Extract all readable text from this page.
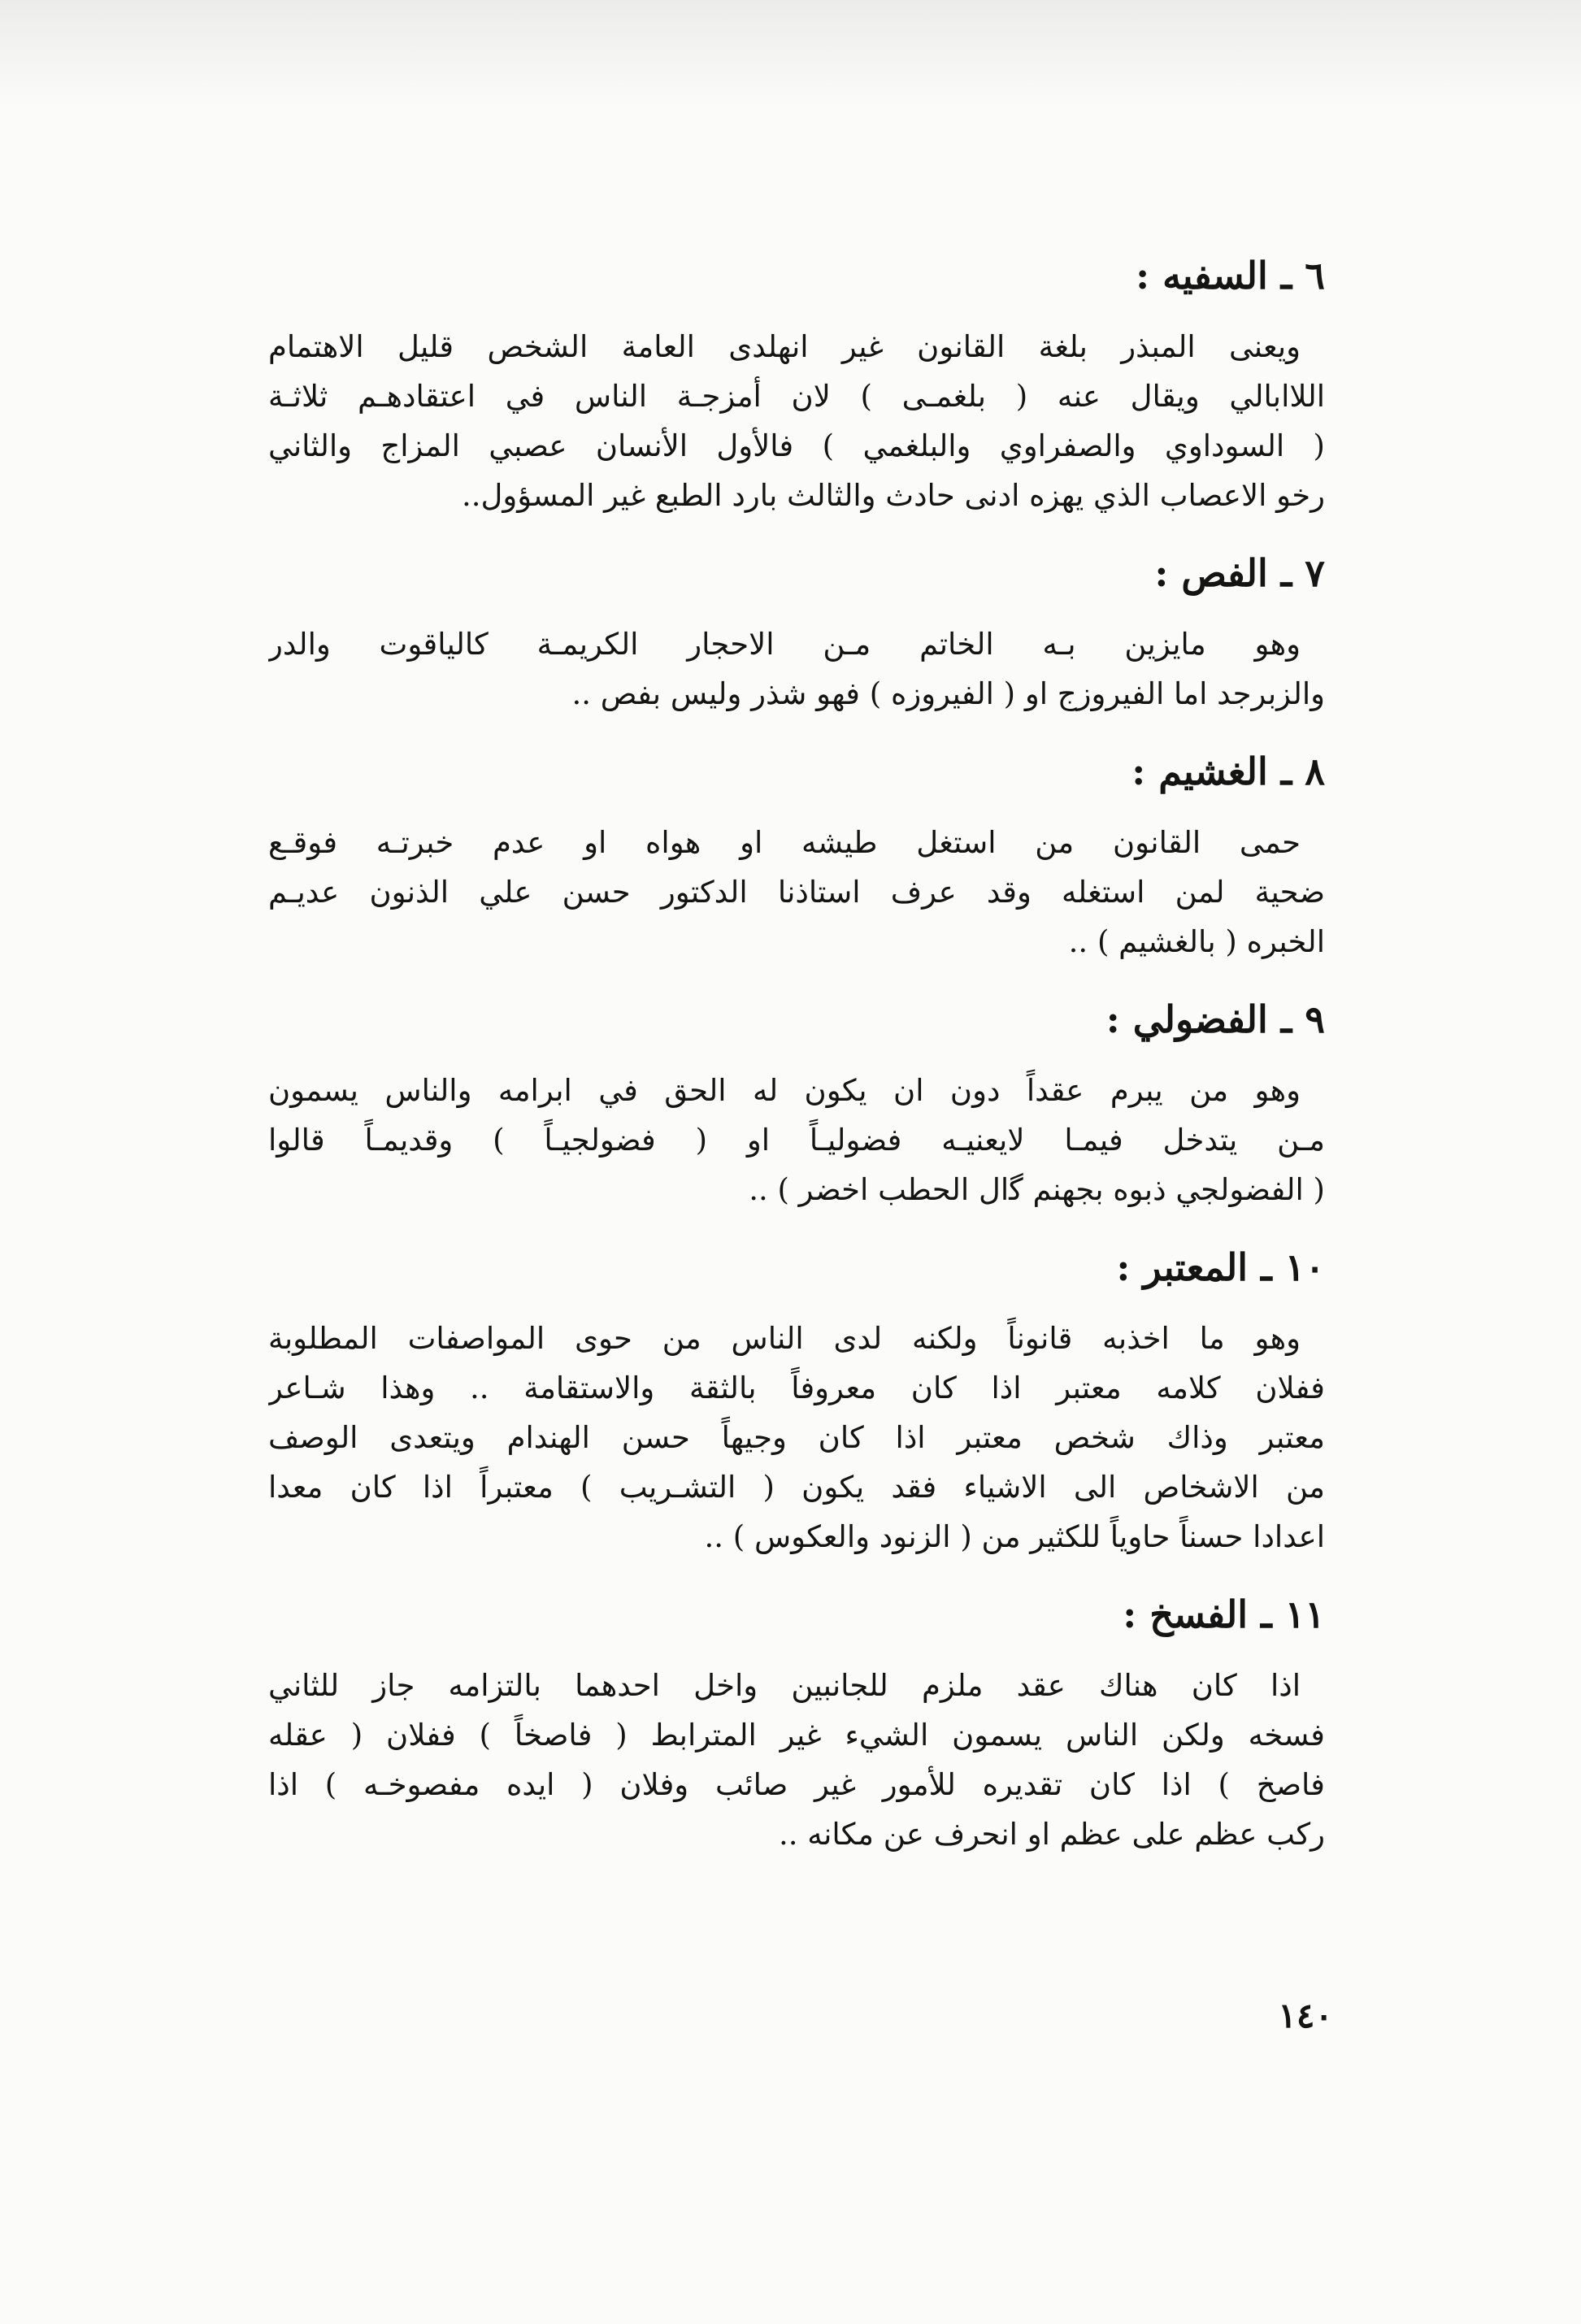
٦ ـ السفيه :
ويعنى المبذر بلغة القانون غير انهلدى العامة الشخص قليل الاهتمام
اللاابالي ويقال عنه ( بلغمـى ) لان أمزجـة الناس في اعتقادهـم ثلاثـة
( السوداوي والصفراوي والبلغمي ) فالأول الأنسان عصبي المزاج والثاني
رخو الاعصاب الذي يهزه ادنى حادث والثالث بارد الطبع غير المسؤول..
٧ ـ الفص :
وهو مايزين بـه الخاتم مـن الاحجار الكريمـة كالياقوت والدر
والزبرجد اما الفيروزج او ( الفيروزه ) فهو شذر وليس بفص ..
٨ ـ الغشيم :
حمى القانون من استغل طيشه او هواه او عدم خبرتـه فوقـع
ضحية لمن استغله وقد عرف استاذنا الدكتور حسن علي الذنون عديـم
الخبره ( بالغشيم ) ..
٩ ـ الفضولي :
وهو من يبرم عقداً دون ان يكون له الحق في ابرامه والناس يسمون
مـن يتدخل فيمـا لايعنيـه فضوليـاً او ( فضولجيـاً ) وقديمـاً قالوا
( الفضولجي ذبوه بجهنم ﮔال الحطب اخضر ) ..
١٠ ـ المعتبر :
وهو ما اخذبه قانوناً ولكنه لدى الناس من حوى المواصفات المطلوبة
ففلان كلامه معتبر اذا كان معروفاً بالثقة والاستقامة .. وهذا شـاعر
معتبر وذاك شخص معتبر اذا كان وجيهاً حسن الهندام ويتعدى الوصف
من الاشخاص الى الاشياء فقد يكون ( التشـريب ) معتبراً اذا كان معدا
اعدادا حسناً حاوياً للكثير من ( الزنود والعكوس ) ..
١١ ـ الفسخ :
اذا كان هناك عقد ملزم للجانبين واخل احدهما بالتزامه جاز للثاني
فسخه ولكن الناس يسمون الشيء غير المترابط ( فاصخاً ) ففلان ( عقله
فاصخ ) اذا كان تقديره للأمور غير صائب وفلان ( ايده مفصوخـه ) اذا
ركب عظم على عظم او انحرف عن مكانه ..
١٤٠
